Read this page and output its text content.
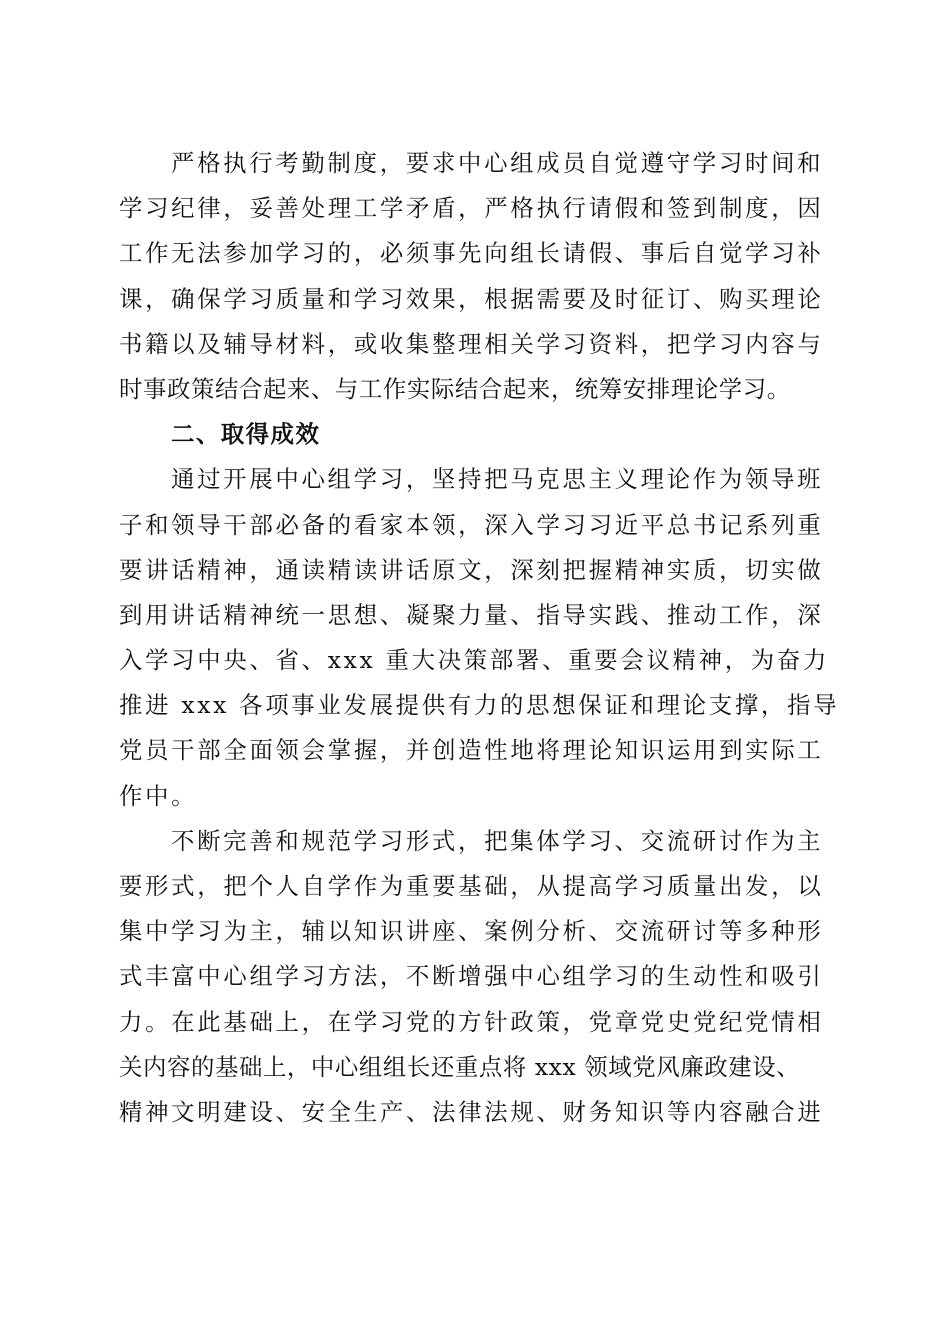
严格执行考勤制度，要求中心组成员自觉遵守学习时间和
学习纪律，妥善处理工学矛盾，严格执行请假和签到制度，因
工作无法参加学习的，必须事先向组长请假、事后自觉学习补
课，确保学习质量和学习效果，根据需要及时征订、购买理论
书籍以及辅导材料，或收集整理相关学习资料，把学习内容与
时事政策结合起来、与工作实际结合起来，统筹安排理论学习。
二、取得成效
通过开展中心组学习，坚持把马克思主义理论作为领导班
子和领导干部必备的看家本领，深入学习习近平总书记系列重
要讲话精神，通读精读讲话原文，深刻把握精神实质，切实做
到用讲话精神统一思想、凝聚力量、指导实践、推动工作，深
入学习中央、省、xxx 重大决策部署、重要会议精神，为奋力
推进 xxx 各项事业发展提供有力的思想保证和理论支撑，指导
党员干部全面领会掌握，并创造性地将理论知识运用到实际工
作中。
不断完善和规范学习形式，把集体学习、交流研讨作为主
要形式，把个人自学作为重要基础，从提高学习质量出发，以
集中学习为主，辅以知识讲座、案例分析、交流研讨等多种形
式丰富中心组学习方法，不断增强中心组学习的生动性和吸引
力。在此基础上，在学习党的方针政策，党章党史党纪党情相
关内容的基础上，中心组组长还重点将 xxx 领域党风廉政建设、
精神文明建设、安全生产、法律法规、财务知识等内容融合进
